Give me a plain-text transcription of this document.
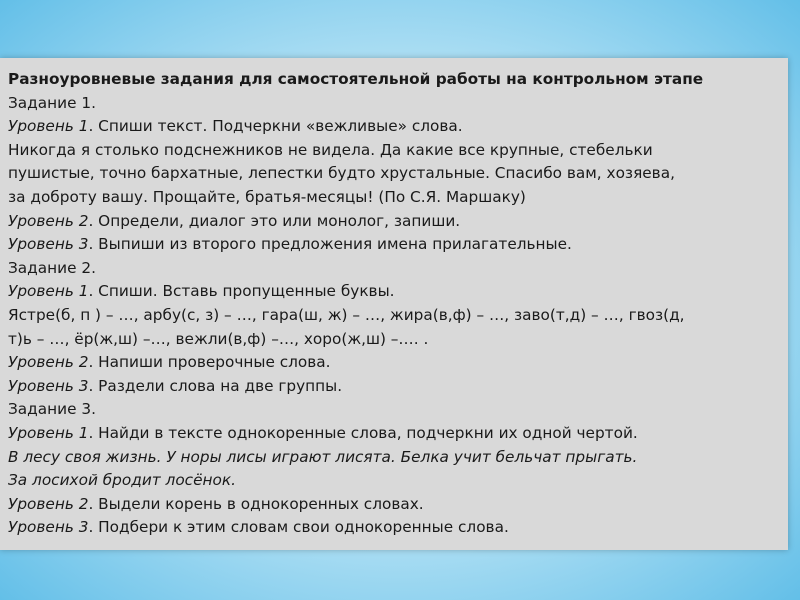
Разноуровневые задания для самостоятельной работы на контрольном этапе
Задание 1.
Уровень 1. Спиши текст. Подчеркни «вежливые» слова.
Никогда я столько подснежников не видела. Да какие все крупные, стебельки
пушистые, точно бархатные, лепестки будто хрустальные. Спасибо вам, хозяева,
за доброту вашу. Прощайте, братья-месяцы! (По С.Я. Маршаку)
Уровень 2. Определи, диалог это или монолог, запиши.
Уровень 3. Выпиши из второго предложения имена прилагательные.
Задание 2.
Уровень 1. Спиши. Вставь пропущенные буквы.
Ястре(б, п ) – …, арбу(с, з) – …, гара(ш, ж) – …, жира(в,ф) – …, заво(т,д) – …, гвоз(д,
т)ь – …, ёр(ж,ш) –…, вежли(в,ф) –…, хоро(ж,ш) –…. .
Уровень 2. Напиши проверочные слова.
Уровень 3. Раздели слова на две группы.
Задание 3.
Уровень 1. Найди в тексте однокоренные слова, подчеркни их одной чертой.
В лесу своя жизнь. У норы лисы играют лисята. Белка учит бельчат прыгать.
За лосихой бродит лосёнок.
Уровень 2. Выдели корень в однокоренных словах.
Уровень 3. Подбери к этим словам свои однокоренные слова.
